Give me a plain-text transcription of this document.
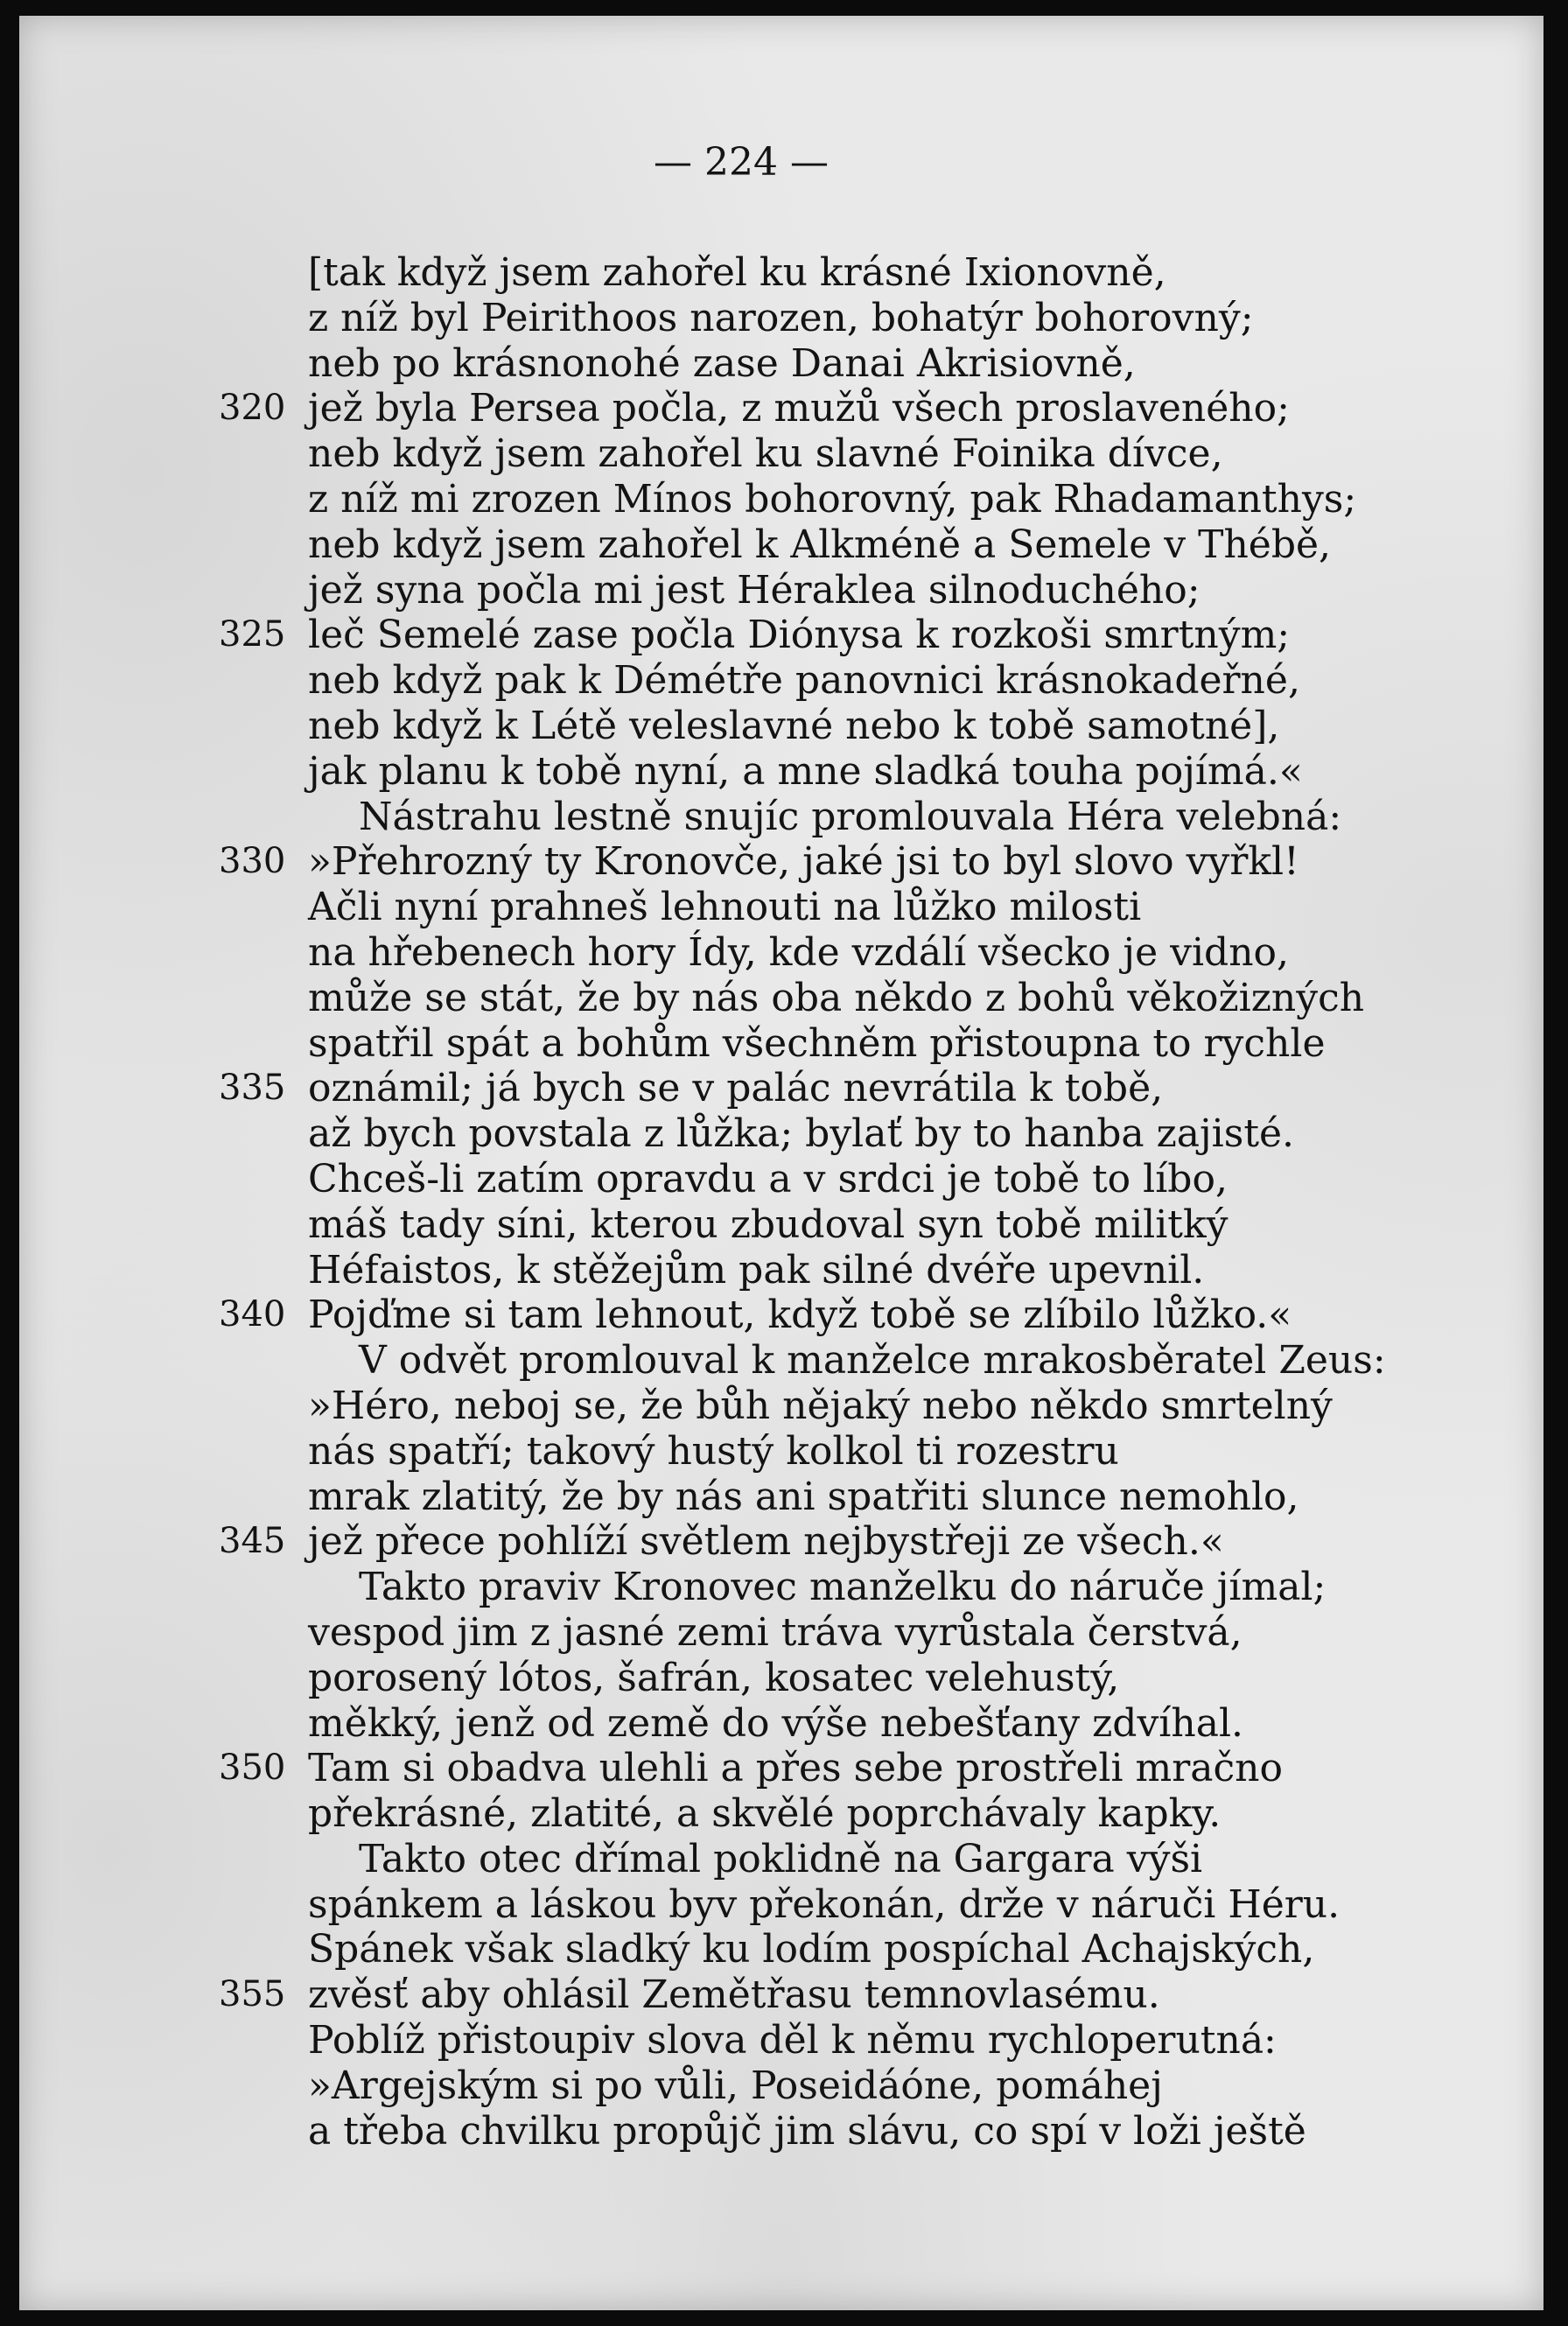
— 224 —
[tak když jsem zahořel ku krásné Ixionovně,
z níž byl Peirithoos narozen, bohatýr bohorovný;
neb po krásnonohé zase Danai Akrisiovně,
320 jež byla Persea počla, z mužů všech proslaveného;
neb když jsem zahořel ku slavné Foinika dívce,
z níž mi zrozen Mínos bohorovný, pak Rhadamanthys;
neb když jsem zahořel k Alkméně a Semele v Thébě,
jež syna počla mi jest Héraklea silnoduchého;
325 leč Semelé zase počla Diónysa k rozkoši smrtným;
neb když pak k Démétře panovnici krásnokadeřné,
neb když k Létě veleslavné nebo k tobě samotné],
jak planu k tobě nyní, a mne sladká touha pojímá.«
Nástrahu lestně snujíc promlouvala Héra velebná:
330 »Přehrozný ty Kronovče, jaké jsi to byl slovo vyřkl!
Ačli nyní prahneš lehnouti na lůžko milosti
na hřebenech hory Ídy, kde vzdálí všecko je vidno,
může se stát, že by nás oba někdo z bohů věkožizných
spatřil spát a bohům všechněm přistoupna to rychle
335 oznámil; já bych se v palác nevrátila k tobě,
až bych povstala z lůžka; bylať by to hanba zajisté.
Chceš-li zatím opravdu a v srdci je tobě to líbo,
máš tady síni, kterou zbudoval syn tobě militký
Héfaistos, k stěžejům pak silné dvéře upevnil.
340 Pojďme si tam lehnout, když tobě se zlíbilo lůžko.«
V odvět promlouval k manželce mrakosběratel Zeus:
»Héro, neboj se, že bůh nějaký nebo někdo smrtelný
nás spatří; takový hustý kolkol ti rozestru
mrak zlatitý, že by nás ani spatřiti slunce nemohlo,
345 jež přece pohlíží světlem nejbystřeji ze všech.«
Takto praviv Kronovec manželku do náruče jímal;
vespod jim z jasné zemi tráva vyrůstala čerstvá,
porosený lótos, šafrán, kosatec velehustý,
měkký, jenž od země do výše nebešťany zdvíhal.
350 Tam si obadva ulehli a přes sebe prostřeli mračno
překrásné, zlatité, a skvělé poprchávaly kapky.
Takto otec dřímal poklidně na Gargara výši
spánkem a láskou byv překonán, drže v náruči Héru.
Spánek však sladký ku lodím pospíchal Achajských,
355 zvěsť aby ohlásil Zemětřasu temnovlasému.
Poblíž přistoupiv slova děl k němu rychloperutná:
»Argejským si po vůli, Poseidáóne, pomáhej
a třeba chvilku propůjč jim slávu, co spí v loži ještě
